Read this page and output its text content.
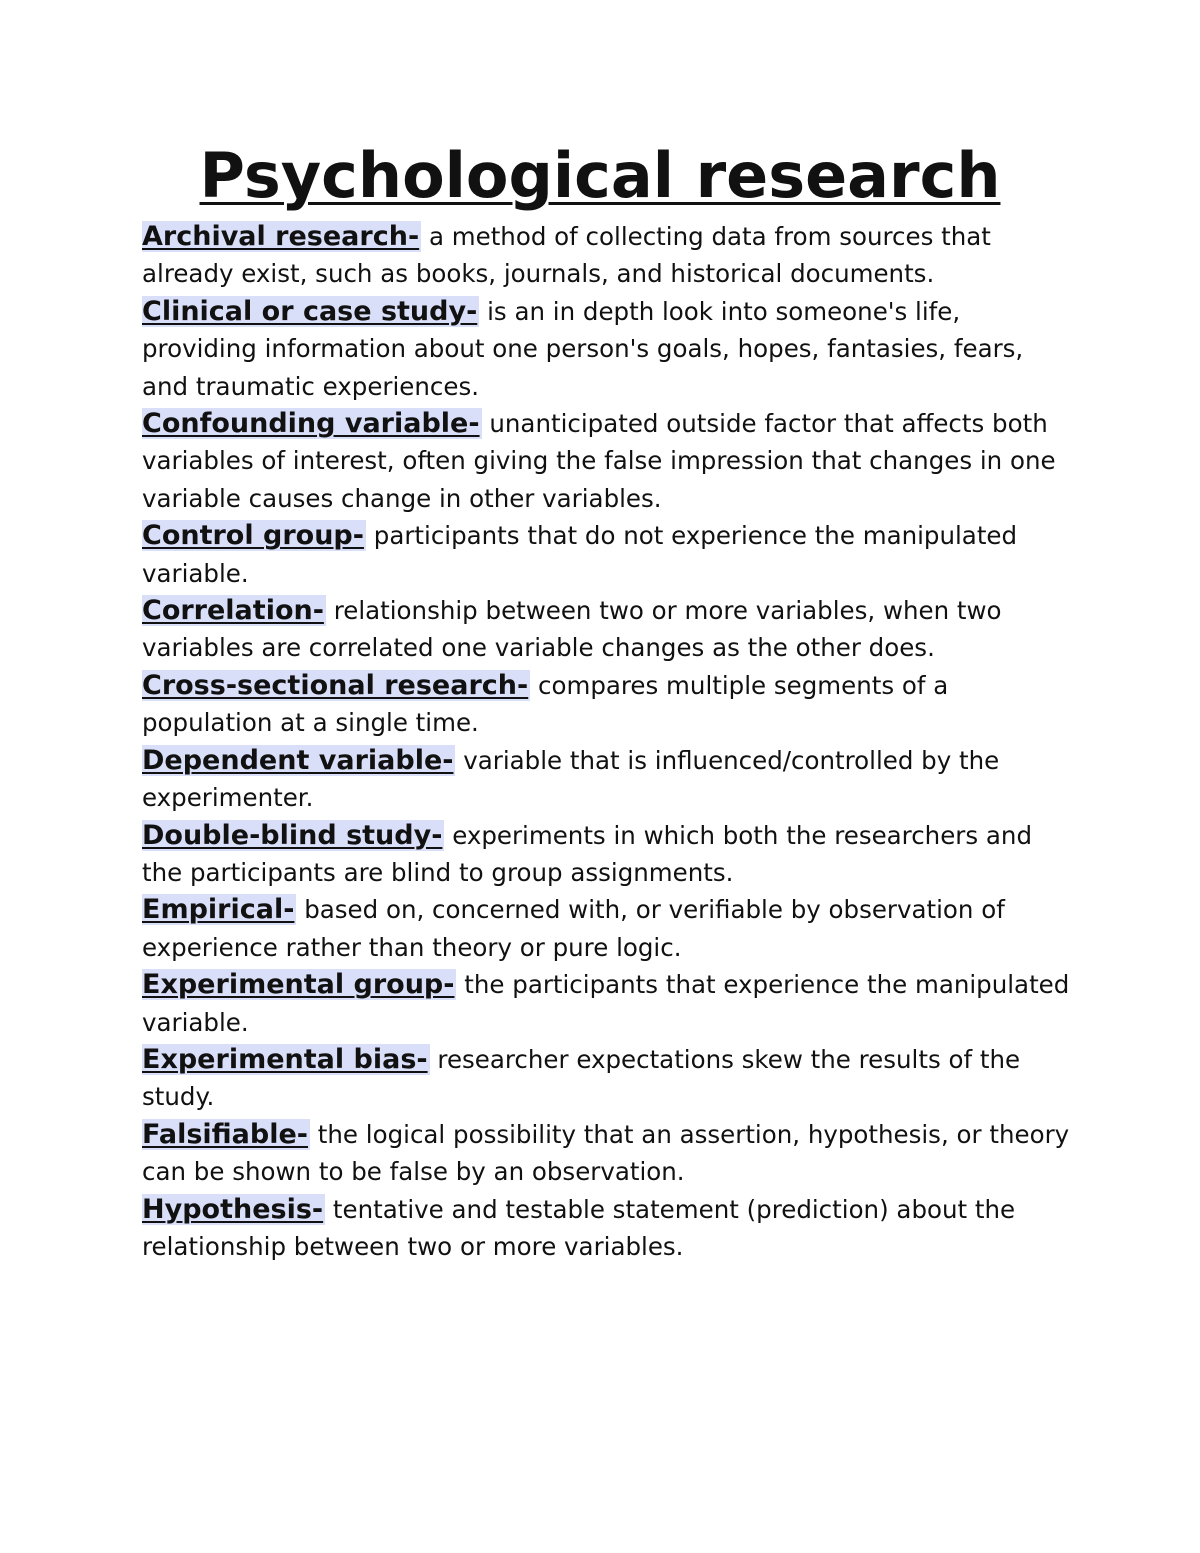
Psychological research

Archival research- a method of collecting data from sources that already exist, such as books, journals, and historical documents.

Clinical or case study- is an in depth look into someone's life, providing information about one person's goals, hopes, fantasies, fears, and traumatic experiences.

Confounding variable- unanticipated outside factor that affects both variables of interest, often giving the false impression that changes in one variable causes change in other variables.

Control group- participants that do not experience the manipulated variable.

Correlation- relationship between two or more variables, when two variables are correlated one variable changes as the other does.

Cross-sectional research- compares multiple segments of a population at a single time.

Dependent variable- variable that is influenced/controlled by the experimenter.

Double-blind study- experiments in which both the researchers and the participants are blind to group assignments.

Empirical- based on, concerned with, or verifiable by observation of experience rather than theory or pure logic.

Experimental group- the participants that experience the manipulated variable.

Experimental bias- researcher expectations skew the results of the study.

Falsifiable- the logical possibility that an assertion, hypothesis, or theory can be shown to be false by an observation.

Hypothesis- tentative and testable statement (prediction) about the relationship between two or more variables.
